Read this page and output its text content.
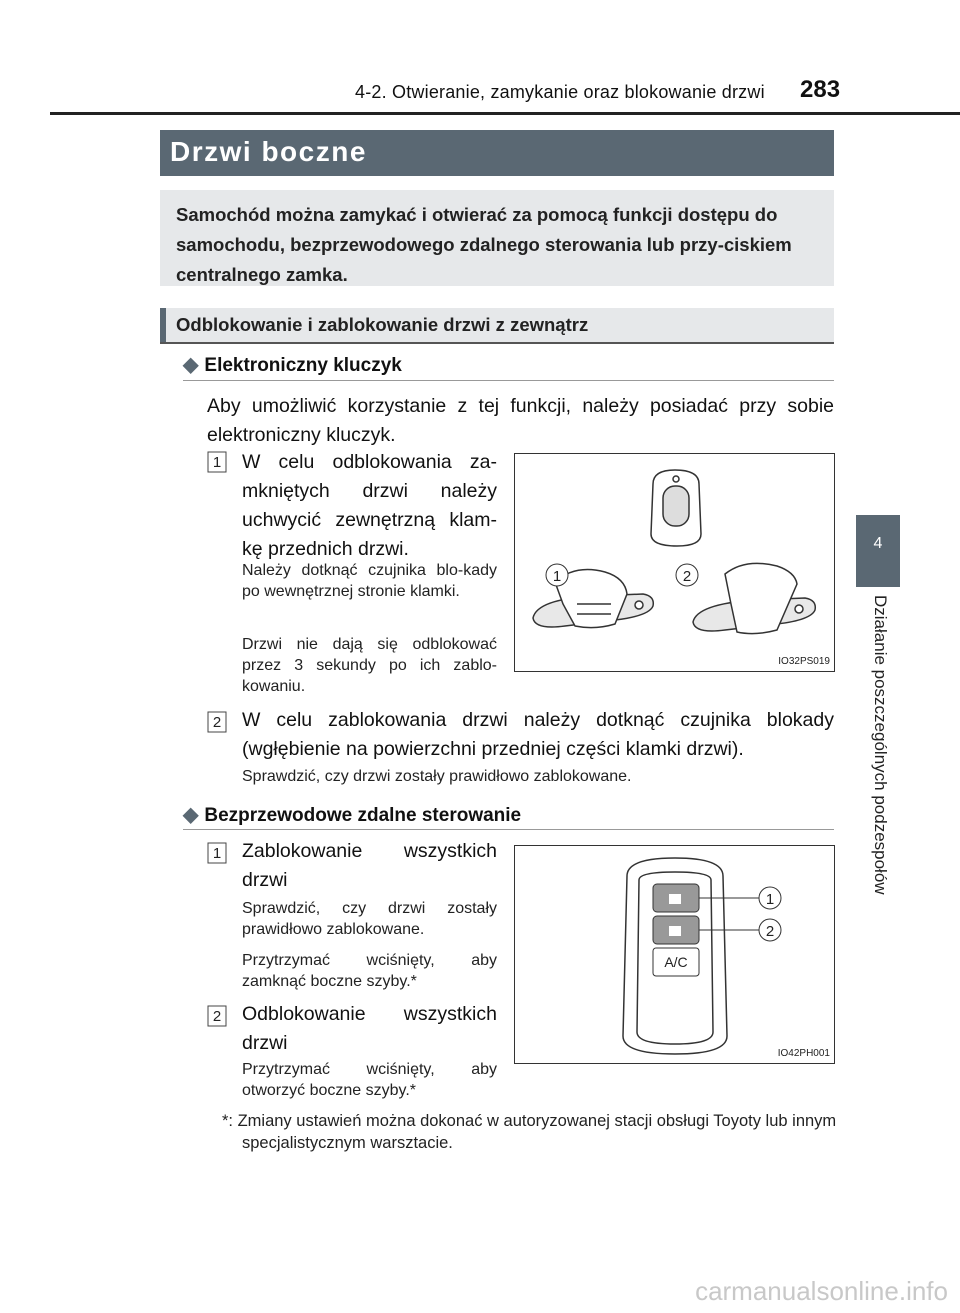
4-2. Otwieranie, zamykanie oraz blokowanie drzwi 283
4
Działanie poszczególnych podzespołów
Drzwi boczne

Samochód można zamykać i otwierać za pomocą funkcji dostępu do samochodu, bezprzewodowego zdalnego sterowania lub przy-ciskiem centralnego zamka.

Odblokowanie i zablokowanie drzwi z zewnątrz
◆ Elektroniczny kluczyk
Aby umożliwić korzystanie z tej funkcji, należy posiadać przy sobie elektroniczny kluczyk.
1 W celu odblokowania za-mkniętych drzwi należy uchwycić zewnętrzną klam-kę przednich drzwi.
Należy dotknąć czujnika blo-kady po wewnętrznej stronie klamki.
Drzwi nie dają się odblokować przez 3 sekundy po ich zablo-kowaniu.
1	2
IO32PS019
2 W celu zablokowania drzwi należy dotknąć czujnika blokady (wgłębienie na powierzchni przedniej części klamki drzwi).
Sprawdzić, czy drzwi zostały prawidłowo zablokowane.
◆ Bezprzewodowe zdalne sterowanie
1 Zablokowanie wszystkich drzwi
Sprawdzić, czy drzwi zostały prawidłowo zablokowane.
Przytrzymać wciśnięty, aby zamknąć boczne szyby.*
A/C
1
2
IO42PH001
2 Odblokowanie wszystkich drzwi
Przytrzymać wciśnięty, aby otworzyć boczne szyby.*
*: Zmiany ustawień można dokonać w autoryzowanej stacji obsługi Toyoty lub innym specjalistycznym warsztacie.
carmanualsonline.info
